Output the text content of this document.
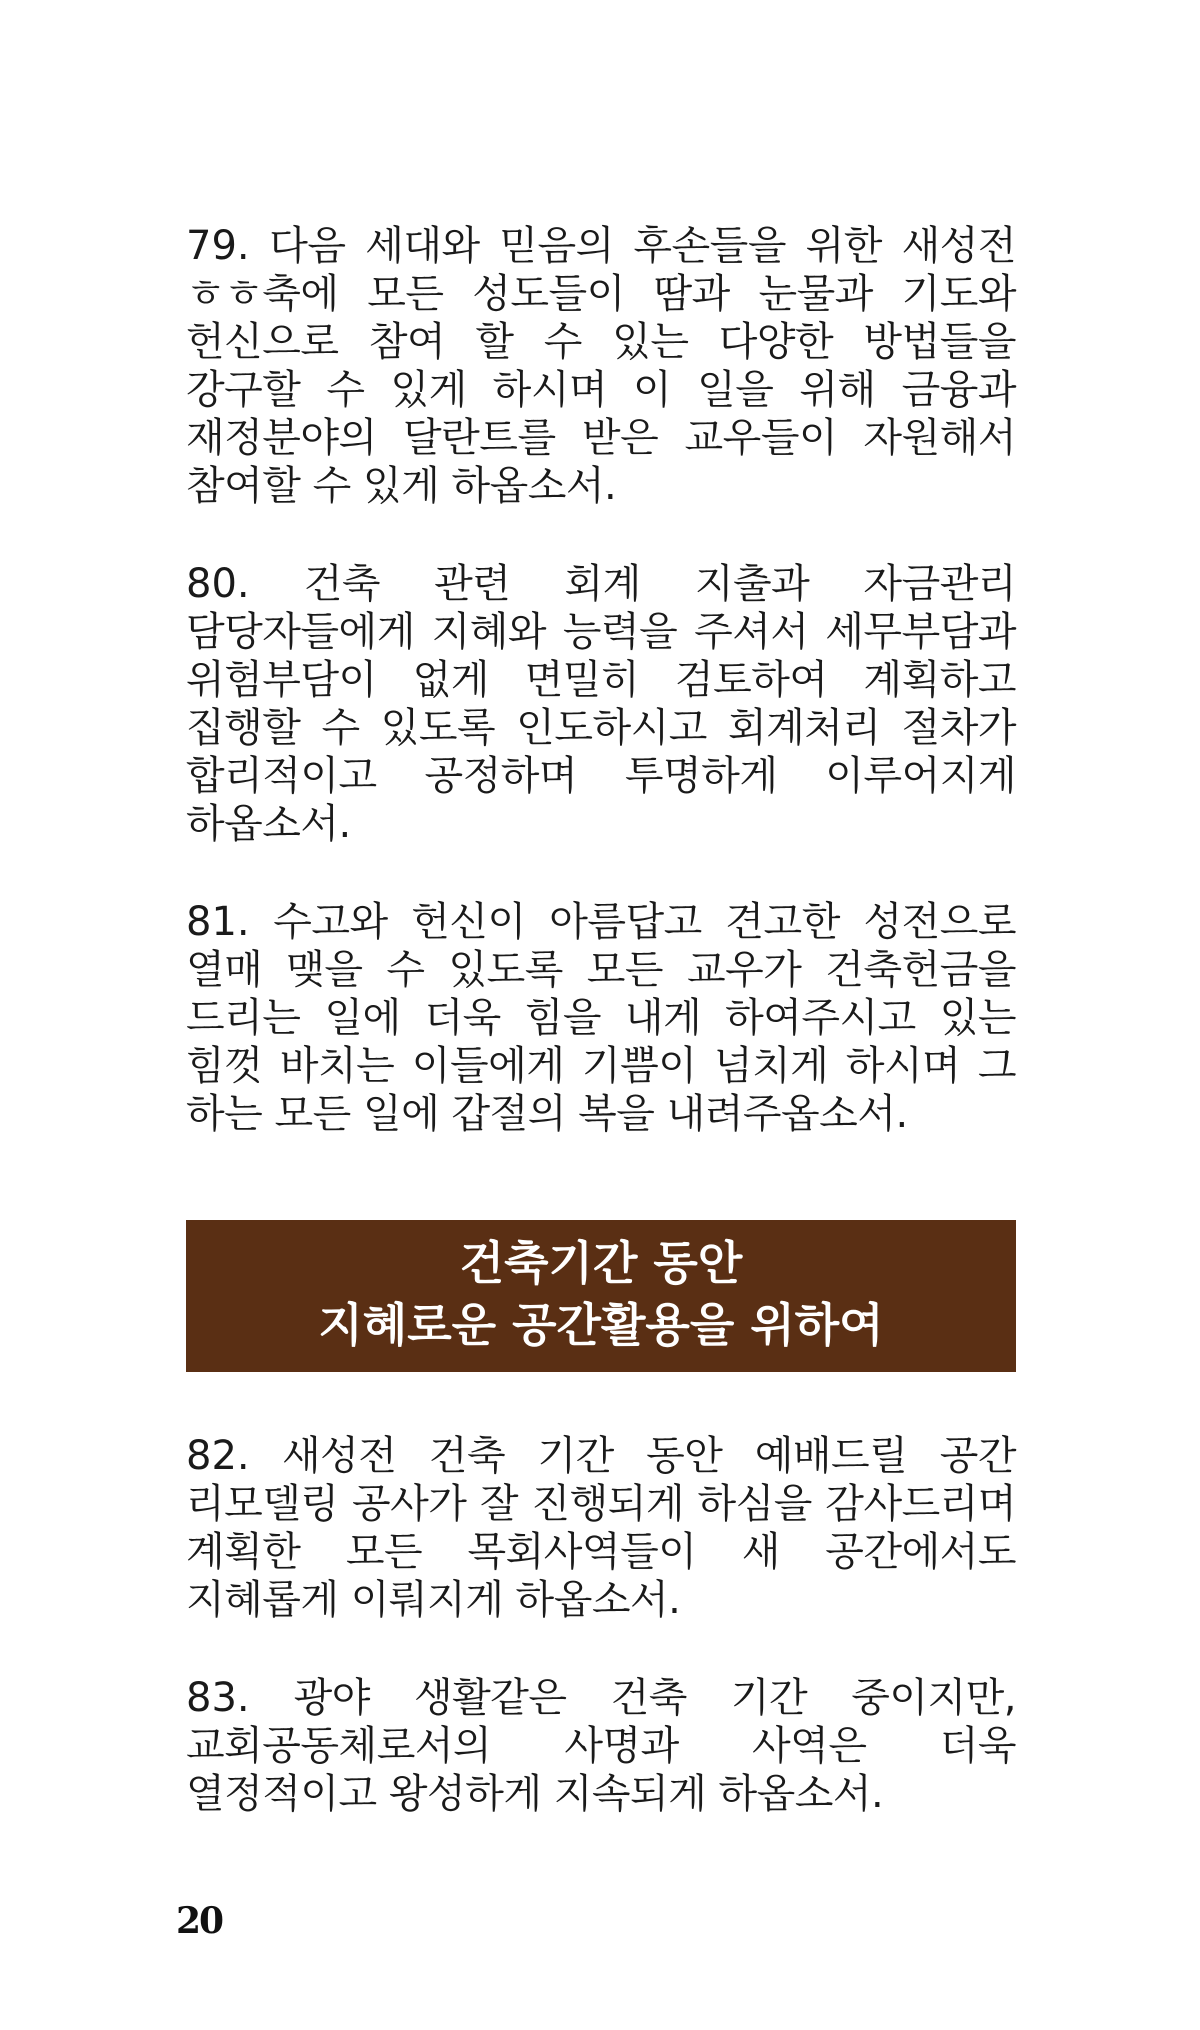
79. 다음 세대와 믿음의 후손들을 위한 새성전 ㅎㅎ축에 모든 성도들이 땀과 눈물과 기도와 헌신으로 참여 할 수 있는 다양한 방법들을 강구할 수 있게 하시며 이 일을 위해 금융과 재정분야의 달란트를 받은 교우들이 자원해서 참여할 수 있게 하옵소서.

80. 건축 관련 회계 지출과 자금관리 담당자들에게 지혜와 능력을 주셔서 세무부담과 위험부담이 없게 면밀히 검토하여 계획하고 집행할 수 있도록 인도하시고 회계처리 절차가 합리적이고 공정하며 투명하게 이루어지게 하옵소서.

81. 수고와 헌신이 아름답고 견고한 성전으로 열매 맺을 수 있도록 모든 교우가 건축헌금을 드리는 일에 더욱 힘을 내게 하여주시고 있는 힘껏 바치는 이들에게 기쁨이 넘치게 하시며 그 하는 모든 일에 갑절의 복을 내려주옵소서.

건축기간 동안
지혜로운 공간활용을 위하여

82. 새성전 건축 기간 동안 예배드릴 공간 리모델링 공사가 잘 진행되게 하심을 감사드리며 계획한 모든 목회사역들이 새 공간에서도 지혜롭게 이뤄지게 하옵소서.

83. 광야 생활같은 건축 기간 중이지만, 교회공동체로서의 사명과 사역은 더욱 열정적이고 왕성하게 지속되게 하옵소서.

20
